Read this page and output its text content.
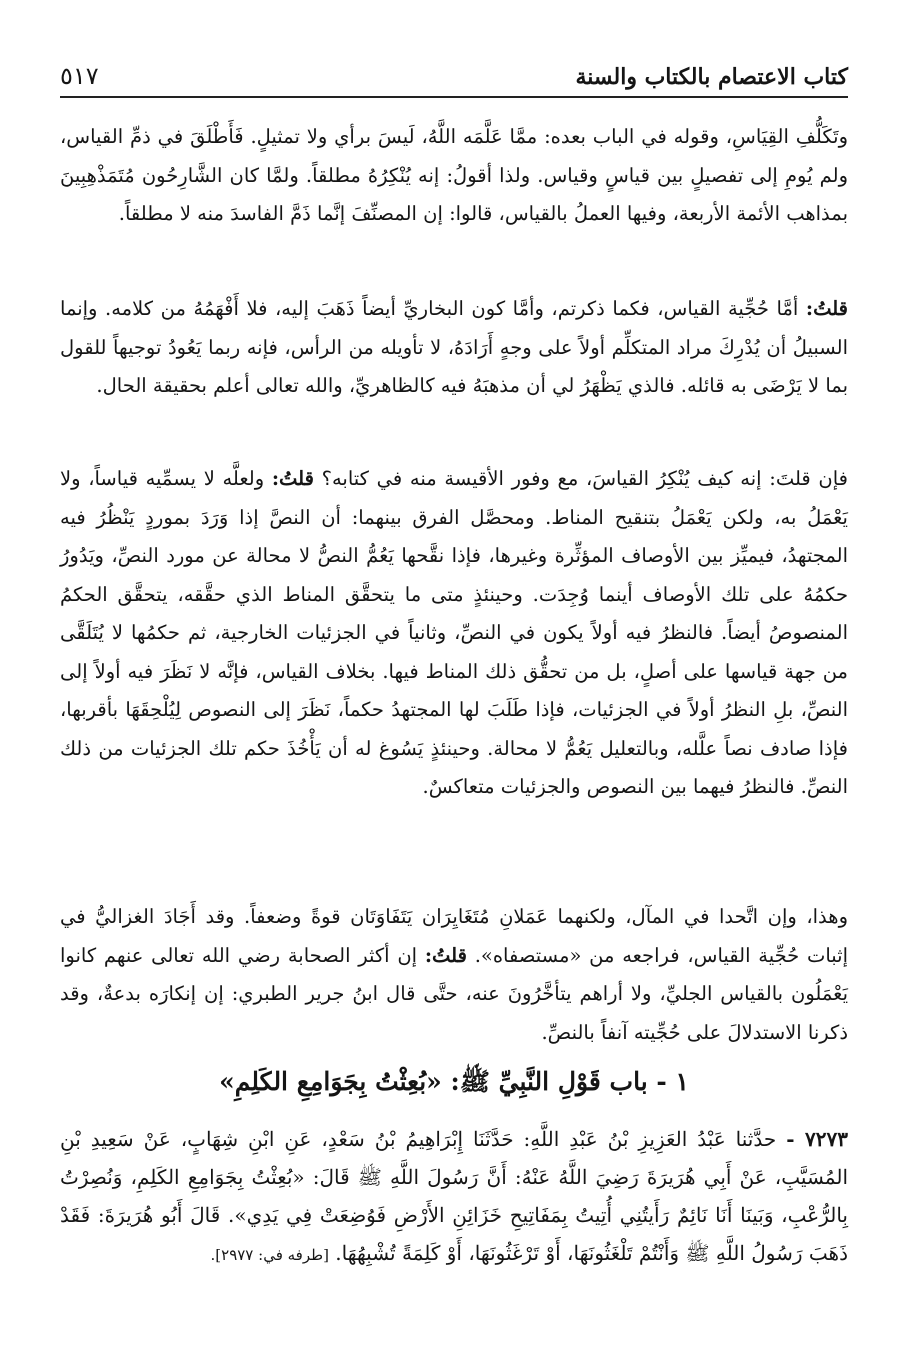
كتاب الاعتصام بالكتاب والسنة
٥١٧

وتَكَلُّفِ القِيَاسِ، وقوله في الباب بعده: ممَّا عَلَّمَه اللَّهُ، لَيسَ برأي ولا تمثيلٍ. فَأَطْلَقَ في ذمِّ القياس، ولم يُومِ إلى تفصيلٍ بين قياسٍ وقياس. ولذا أقولُ: إنه يُنْكِرُهُ مطلقاً. ولمَّا كان الشَّارِحُون مُتَمَذْهِبِينَ بمذاهب الأئمة الأربعة، وفيها العملُ بالقياس، قالوا: إن المصنِّفَ إنَّما ذَمَّ الفاسدَ منه لا مطلقاً.

قلتُ: أمَّا حُجِّية القياس، فكما ذكرتم، وأمَّا كون البخاريِّ أيضاً ذَهَبَ إليه، فلا أَفْهَمُهُ من كلامه. وإنما السبيلُ أن يُدْرِكَ مراد المتكلِّم أولاً على وجهٍ أَرَادَهُ، لا تأويله من الرأس، فإنه ربما يَعُودُ توجيهاً للقول بما لا يَرْضَى به قائله. فالذي يَظْهَرُ لي أن مذهبَهُ فيه كالظاهريِّ، والله تعالى أعلم بحقيقة الحال.

فإن قلتَ: إنه كيف يُنْكِرُ القياسَ، مع وفور الأقيسة منه في كتابه؟ قلتُ: ولعلَّه لا يسمِّيه قياساً، ولا يَعْمَلُ به، ولكن يَعْمَلُ بتنقيح المناط. ومحصَّل الفرق بينهما: أن النصَّ إذا وَرَدَ بموردٍ يَنْظُرُ فيه المجتهدُ، فيميِّز بين الأوصاف المؤثِّرة وغيرها، فإذا نقَّحها يَعُمُّ النصُّ لا محالة عن مورد النصِّ، ويَدُورُ حكمُهُ على تلك الأوصاف أينما وُجِدَت. وحينئذٍ متى ما يتحقَّق المناط الذي حقَّقه، يتحقَّق الحكمُ المنصوصُ أيضاً. فالنظرُ فيه أولاً يكون في النصِّ، وثانياً في الجزئيات الخارجية، ثم حكمُها لا يُتَلَقَّى من جهة قياسها على أصلٍ، بل من تحقُّق ذلك المناط فيها. بخلاف القياس، فإنَّه لا نَظَرَ فيه أولاً إلى النصِّ، بلِ النظرُ أولاً في الجزئيات، فإذا طَلَبَ لها المجتهدُ حكماً، نَظَرَ إلى النصوص لِيُلْحِقَهَا بأقربها، فإذا صادف نصاً علَّله، وبالتعليل يَعُمُّ لا محالة. وحينئذٍ يَسُوغ له أن يَأْخُذَ حكم تلك الجزئيات من ذلك النصِّ. فالنظرُ فيهما بين النصوص والجزئيات متعاكسٌ.

وهذا، وإن اتَّحدا في المآل، ولكنهما عَمَلانِ مُتَغَايِرَان يَتَفَاوَتَان قوةً وضعفاً. وقد أَجَادَ الغزاليُّ في إثبات حُجِّية القياس، فراجعه من «مستصفاه». قلتُ: إن أكثر الصحابة رضي الله تعالى عنهم كانوا يَعْمَلُون بالقياس الجليِّ، ولا أراهم يتأخَّرُونَ عنه، حتَّى قال ابنُ جرير الطبري: إن إنكارَه بدعةٌ، وقد ذكرنا الاستدلالَ على حُجِّيته آنفاً بالنصِّ.

١ - باب قَوْلِ النَّبِيِّ ﷺ: «بُعِثْتُ بِجَوَامِعِ الكَلِمِ»

٧٢٧٣ - حدَّثنا عَبْدُ العَزِيزِ بْنُ عَبْدِ اللَّهِ: حَدَّثَنَا إِبْرَاهِيمُ بْنُ سَعْدٍ، عَنِ ابْنِ شِهَابٍ، عَنْ سَعِيدِ بْنِ المُسَيَّبِ، عَنْ أَبِي هُرَيرَةَ رَضِيَ اللَّهُ عَنْهُ: أَنَّ رَسُولَ اللَّهِ ﷺ قَالَ: «بُعِثْتُ بِجَوَامِعِ الكَلِمِ، وَنُصِرْتُ بِالرُّعْبِ، وَبَينَا أَنَا نَائِمٌ رَأَيتُنِي أُتِيتُ بِمَفَاتِيحِ خَزَائِنِ الأَرْضِ فَوُضِعَتْ فِي يَدِي». قَالَ أَبُو هُرَيرَةَ: فَقَدْ ذَهَبَ رَسُولُ اللَّهِ ﷺ وَأَنْتُمْ تَلْغَثُونَهَا، أَوْ تَرْغَثُونَهَا، أَوْ كَلِمَةً تُشْبِهُهَا. [طرفه في: ٢٩٧٧].
